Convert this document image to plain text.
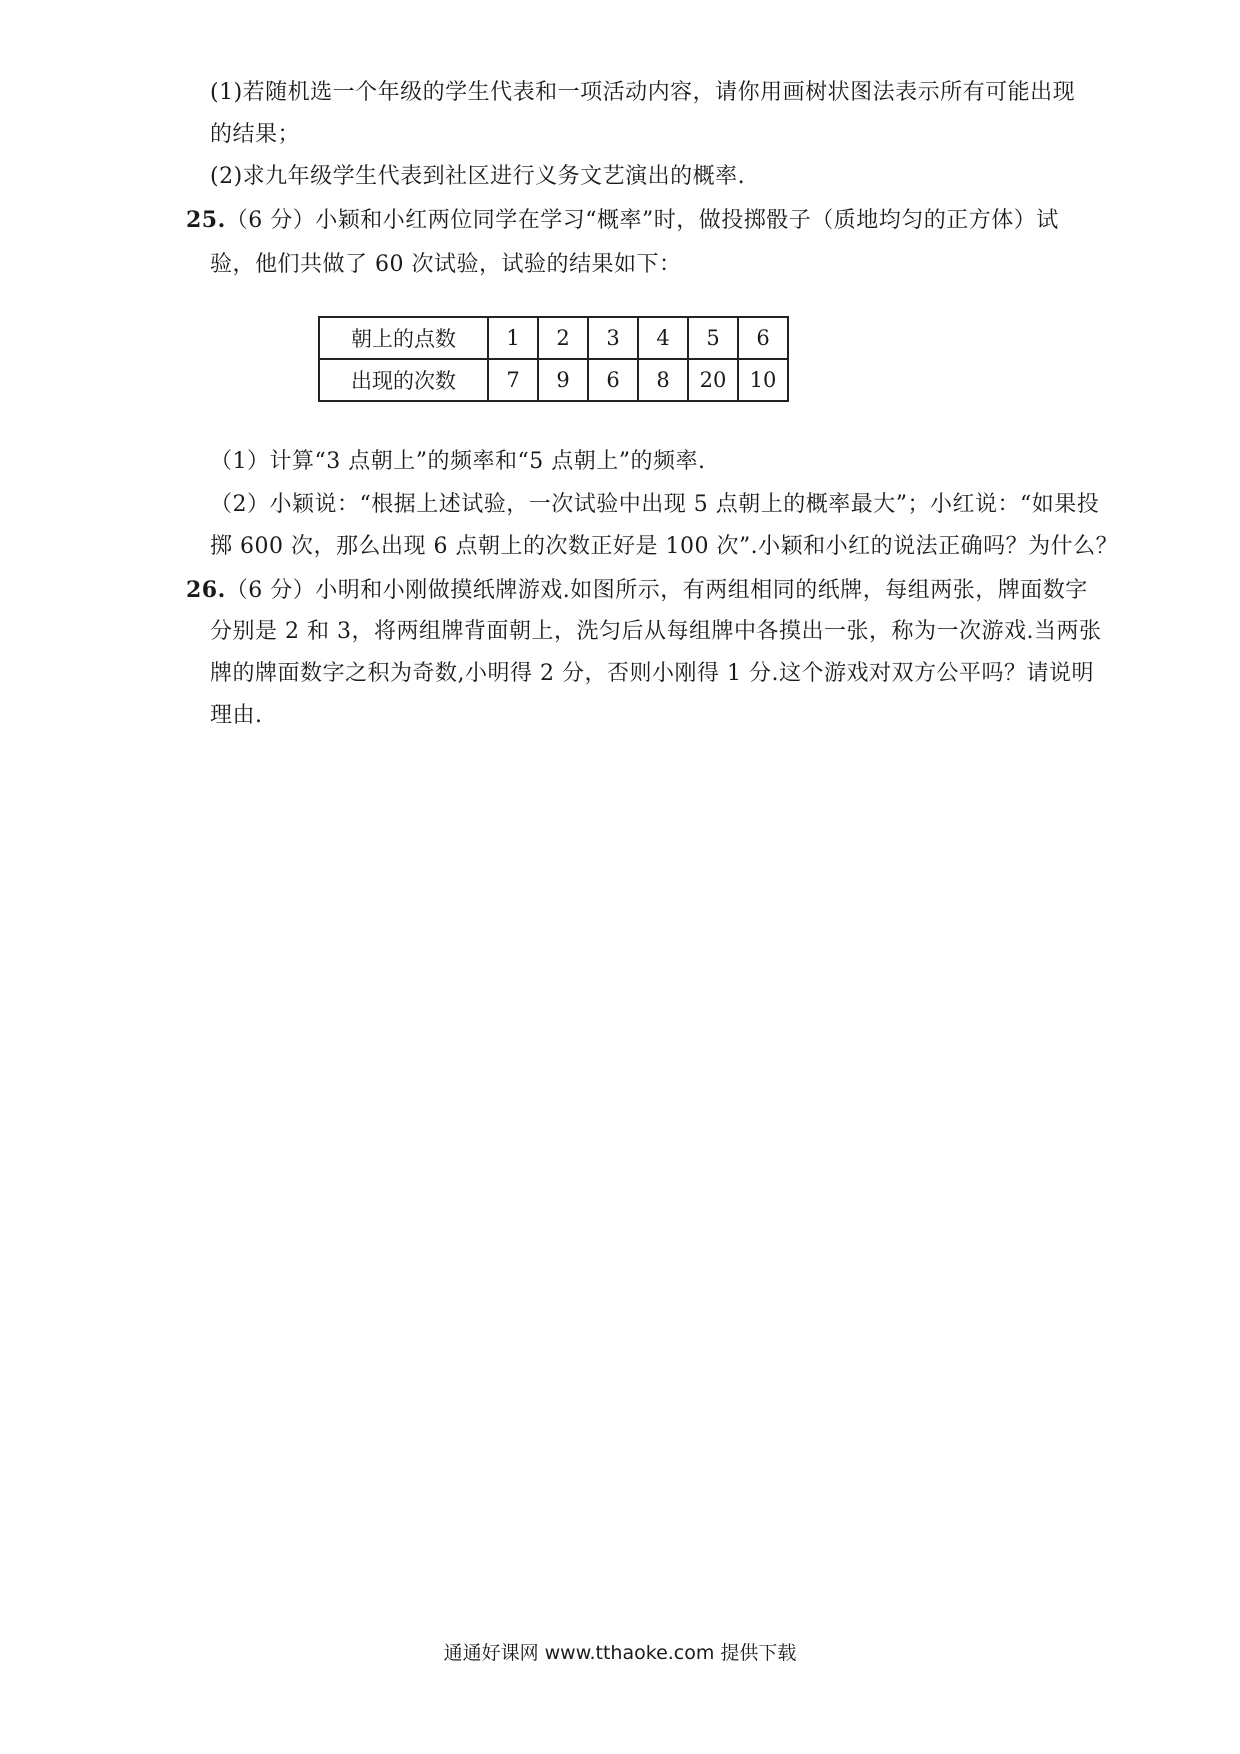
(1)若随机选一个年级的学生代表和一项活动内容，请你用画树状图法表示所有可能出现
的结果；
(2)求九年级学生代表到社区进行义务文艺演出的概率.
25.（6 分）小颖和小红两位同学在学习“概率”时，做投掷骰子（质地均匀的正方体）试
验，他们共做了 60 次试验，试验的结果如下：
朝上的点数	1	2	3	4	5	6
出现的次数	7	9	6	8	20	10
（1）计算“3 点朝上”的频率和“5 点朝上”的频率.
（2）小颖说：“根据上述试验，一次试验中出现 5 点朝上的概率最大”；小红说：“如果投
掷 600 次，那么出现 6 点朝上的次数正好是 100 次”.小颖和小红的说法正确吗？为什么？
26.（6 分）小明和小刚做摸纸牌游戏.如图所示，有两组相同的纸牌，每组两张，牌面数字
分别是 2 和 3，将两组牌背面朝上，洗匀后从每组牌中各摸出一张，称为一次游戏.当两张
牌的牌面数字之积为奇数,小明得 2 分，否则小刚得 1 分.这个游戏对双方公平吗？请说明
理由.
通通好课网 www.tthaoke.com 提供下载
